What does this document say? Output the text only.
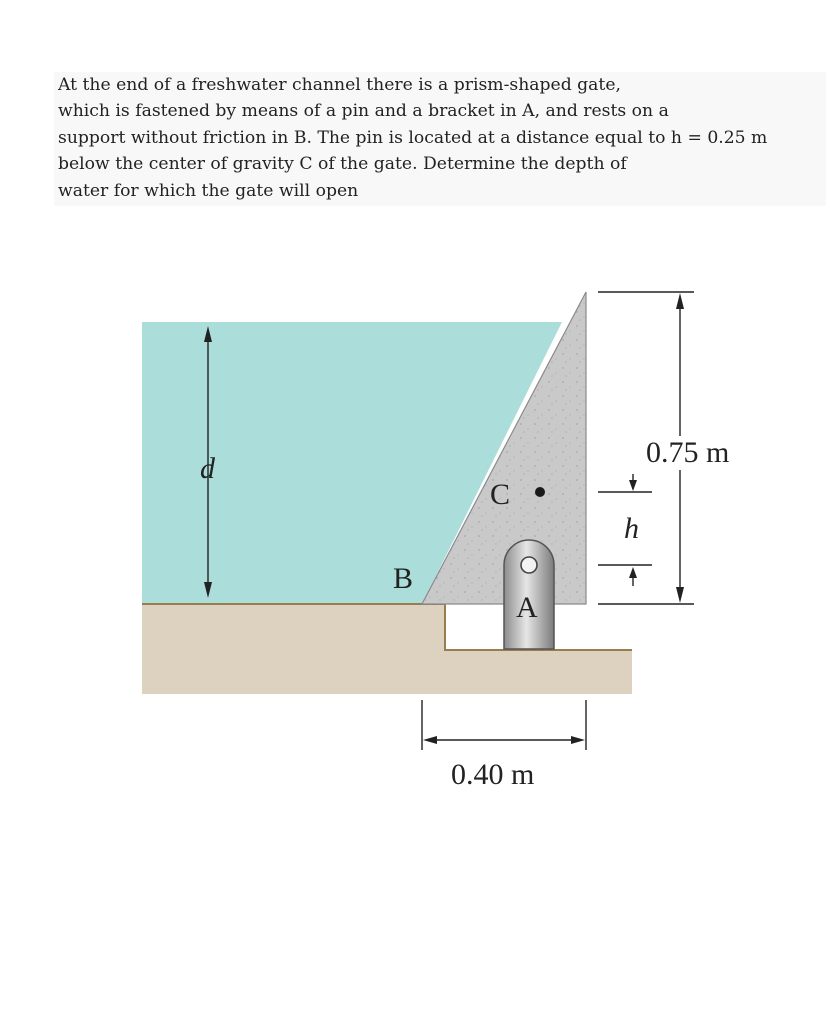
At the end of a freshwater channel there is a prism-shaped gate,
which is fastened by means of a pin and a bracket in A, and rests on a
support without friction in B. The pin is located at a distance equal to h = 0.25 m
below the center of gravity C of the gate. Determine the depth of
water for which the gate will open
d
B
C
A
0.75 m
h
0.40 m
